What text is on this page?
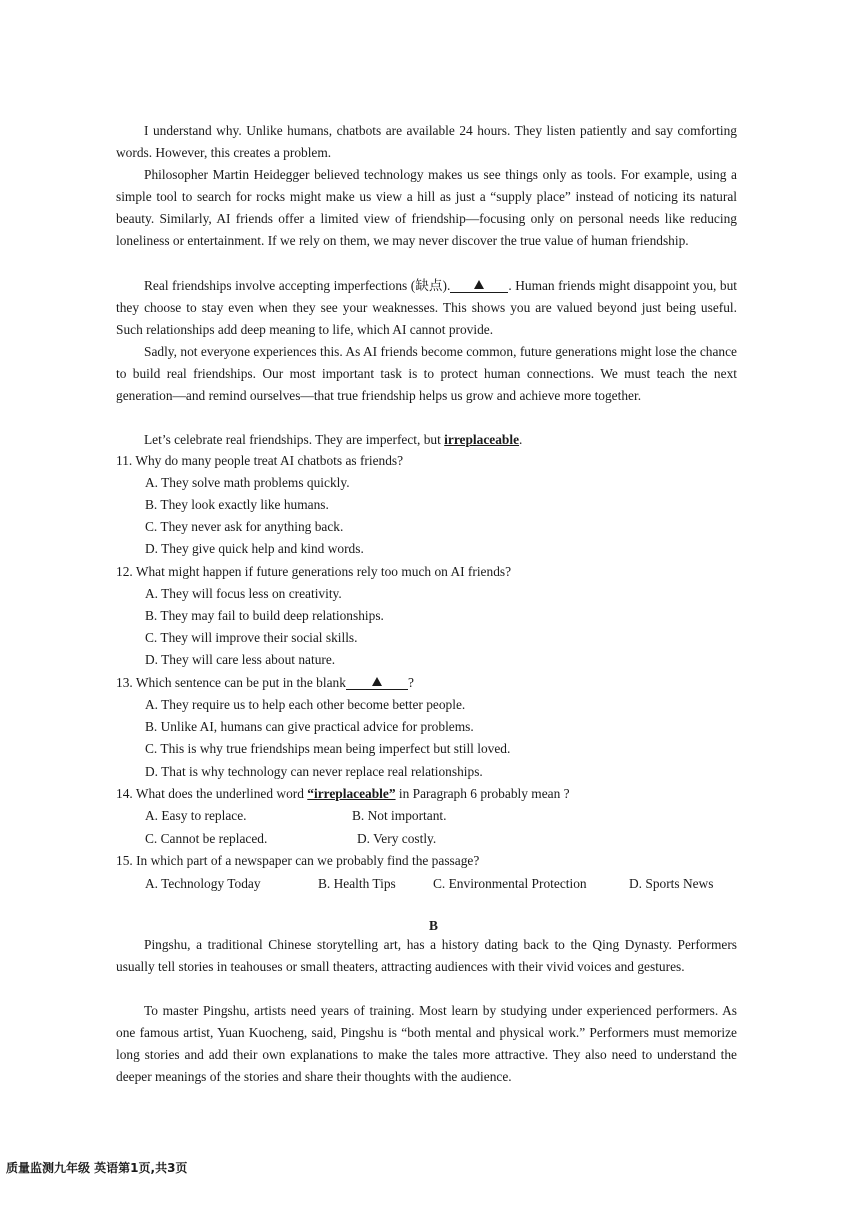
I understand why. Unlike humans, chatbots are available 24 hours. They listen patiently and say comforting words. However, this creates a problem.

Philosopher Martin Heidegger believed technology makes us see things only as tools. For example, using a simple tool to search for rocks might make us view a hill as just a “supply place” instead of noticing its natural beauty. Similarly, AI friends offer a limited view of friendship—focusing only on personal needs like reducing loneliness or entertainment. If we rely on them, we may never discover the true value of human friendship.

Real friendships involve accepting imperfections (缺点).	. Human friends might disappoint you, but they choose to stay even when they see your weaknesses. This shows you are valued beyond just being useful. Such relationships add deep meaning to life, which AI cannot provide.

Sadly, not everyone experiences this. As AI friends become common, future generations might lose the chance to build real friendships. Our most important task is to protect human connections. We must teach the next generation—and remind ourselves—that true friendship helps us grow and achieve more together.

Let’s celebrate real friendships. They are imperfect, but irreplaceable.

11. Why do many people treat AI chatbots as friends?
A. They solve math problems quickly.
B. They look exactly like humans.
C. They never ask for anything back.
D. They give quick help and kind words.
12. What might happen if future generations rely too much on AI friends?
A. They will focus less on creativity.
B. They may fail to build deep relationships.
C. They will improve their social skills.
D. They will care less about nature.
13. Which sentence can be put in the blank	?
A. They require us to help each other become better people.
B. Unlike AI, humans can give practical advice for problems.
C. This is why true friendships mean being imperfect but still loved.
D. That is why technology can never replace real relationships.
14. What does the underlined word “irreplaceable” in Paragraph 6 probably mean ?
A. Easy to replace.	B. Not important.
C. Cannot be replaced.	D. Very costly.
15. In which part of a newspaper can we probably find the passage?
A. Technology Today	B. Health Tips	C. Environmental Protection	D. Sports News
B

Pingshu, a traditional Chinese storytelling art, has a history dating back to the Qing Dynasty. Performers usually tell stories in teahouses or small theaters, attracting audiences with their vivid voices and gestures.

To master Pingshu, artists need years of training. Most learn by studying under experienced performers. As one famous artist, Yuan Kuocheng, said, Pingshu is “both mental and physical work.” Performers must memorize long stories and add their own explanations to make the tales more attractive. They also need to understand the deeper meanings of the stories and share their thoughts with the audience.

质量监测九年级 英语第1页,共3页
